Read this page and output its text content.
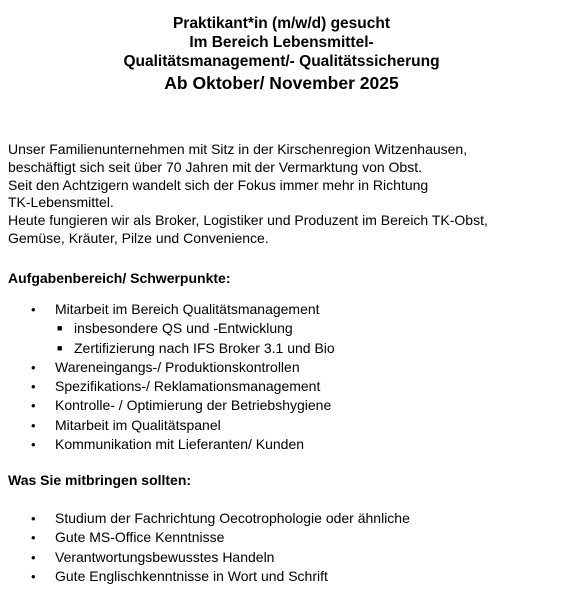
Praktikant*in (m/w/d) gesucht
Im Bereich Lebensmittel-
Qualitätsmanagement/- Qualitätssicherung
Ab Oktober/ November 2025
Unser Familienunternehmen mit Sitz in der Kirschenregion Witzenhausen,
beschäftigt sich seit über 70 Jahren mit der Vermarktung von Obst.
Seit den Achtzigern wandelt sich der Fokus immer mehr in Richtung
TK-Lebensmittel.
Heute fungieren wir als Broker, Logistiker und Produzent im Bereich TK-Obst,
Gemüse, Kräuter, Pilze und Convenience.
Aufgabenbereich/ Schwerpunkte:
• Mitarbeit im Bereich Qualitätsmanagement
■ insbesondere QS und -Entwicklung
■ Zertifizierung nach IFS Broker 3.1 und Bio
• Wareneingangs-/ Produktionskontrollen
• Spezifikations-/ Reklamationsmanagement
• Kontrolle- / Optimierung der Betriebshygiene
• Mitarbeit im Qualitätspanel
• Kommunikation mit Lieferanten/ Kunden
Was Sie mitbringen sollten:
• Studium der Fachrichtung Oecotrophologie oder ähnliche
• Gute MS-Office Kenntnisse
• Verantwortungsbewusstes Handeln
• Gute Englischkenntnisse in Wort und Schrift
